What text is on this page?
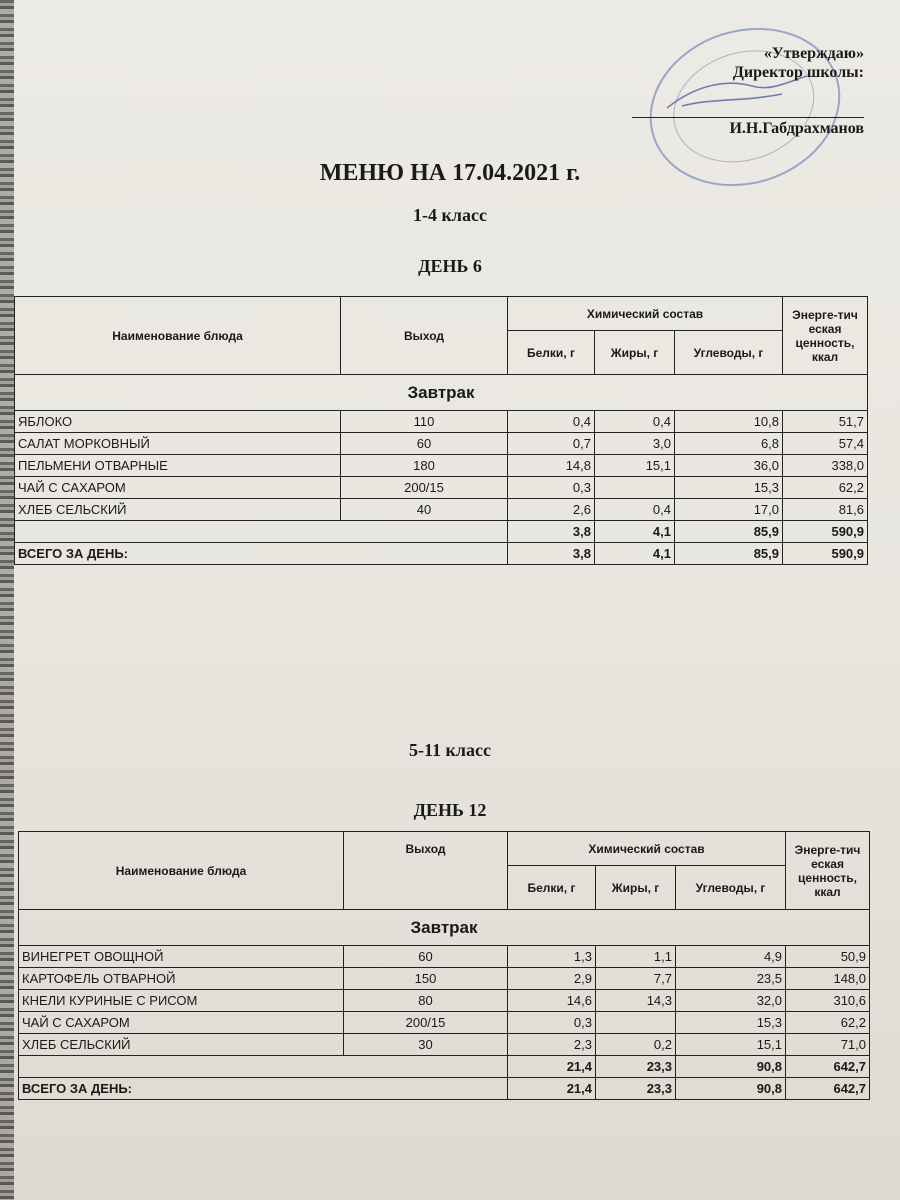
«Утверждаю»
Директор школы:
И.Н.Габдрахманов
МЕНЮ НА 17.04.2021 г.
1-4 класс
ДЕНЬ 6
Наименование блюда	Выход	Химический состав			Энерге-тич еская ценность, ккал
		Белки, г	Жиры, г	Углеводы, г	
Завтрак					
ЯБЛОКО	110	0,4	0,4	10,8	51,7
САЛАТ МОРКОВНЫЙ	60	0,7	3,0	6,8	57,4
ПЕЛЬМЕНИ ОТВАРНЫЕ	180	14,8	15,1	36,0	338,0
ЧАЙ С САХАРОМ	200/15	0,3		15,3	62,2
ХЛЕБ СЕЛЬСКИЙ	40	2,6	0,4	17,0	81,6
		3,8	4,1	85,9	590,9
ВСЕГО ЗА ДЕНЬ:		3,8	4,1	85,9	590,9
5-11 класс
ДЕНЬ 12
Наименование блюда	Выход	Химический состав			Энерге-тич еская ценность, ккал
		Белки, г	Жиры, г	Углеводы, г	
Завтрак					
ВИНЕГРЕТ ОВОЩНОЙ	60	1,3	1,1	4,9	50,9
КАРТОФЕЛЬ ОТВАРНОЙ	150	2,9	7,7	23,5	148,0
КНЕЛИ КУРИНЫЕ С РИСОМ	80	14,6	14,3	32,0	310,6
ЧАЙ С САХАРОМ	200/15	0,3		15,3	62,2
ХЛЕБ СЕЛЬСКИЙ	30	2,3	0,2	15,1	71,0
		21,4	23,3	90,8	642,7
ВСЕГО ЗА ДЕНЬ:		21,4	23,3	90,8	642,7
